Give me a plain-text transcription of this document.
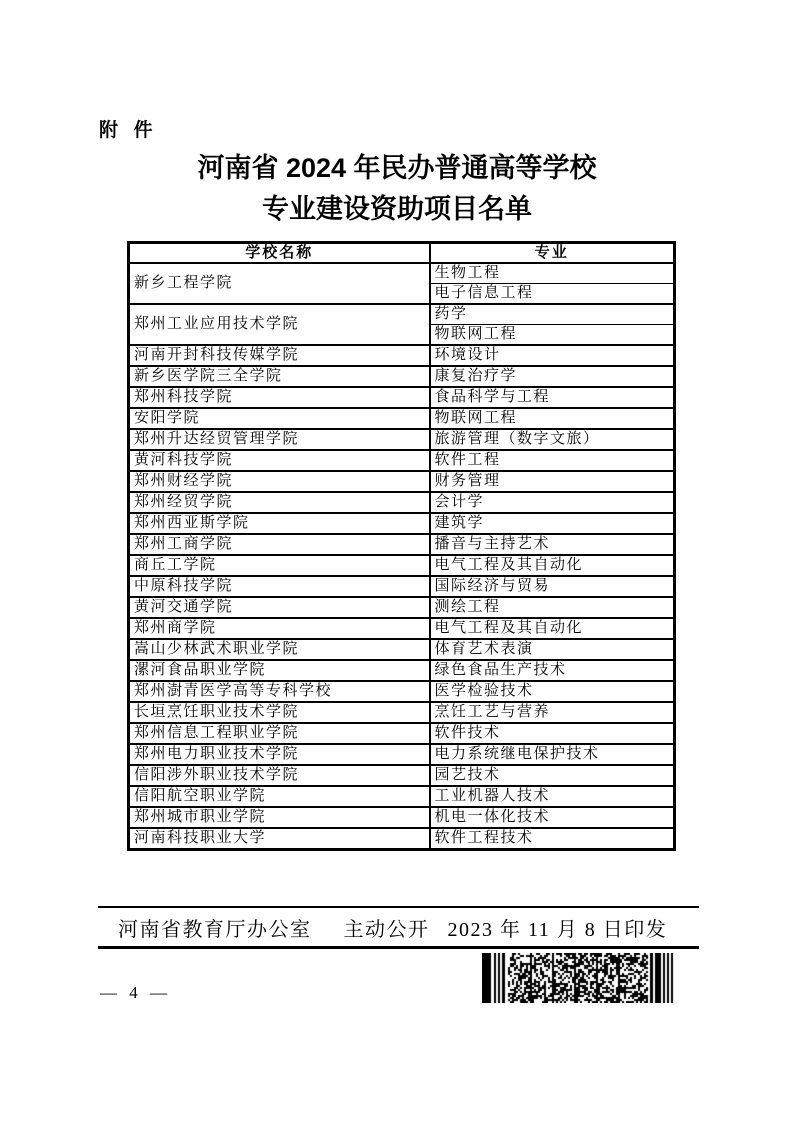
附  件
河南省 2024 年民办普通高等学校
专业建设资助项目名单
学校名称	专业
新乡工程学院	生物工程
	电子信息工程
郑州工业应用技术学院	药学
	物联网工程
河南开封科技传媒学院	环境设计
新乡医学院三全学院	康复治疗学
郑州科技学院	食品科学与工程
安阳学院	物联网工程
郑州升达经贸管理学院	旅游管理（数字文旅）
黄河科技学院	软件工程
郑州财经学院	财务管理
郑州经贸学院	会计学
郑州西亚斯学院	建筑学
郑州工商学院	播音与主持艺术
商丘工学院	电气工程及其自动化
中原科技学院	国际经济与贸易
黄河交通学院	测绘工程
郑州商学院	电气工程及其自动化
嵩山少林武术职业学院	体育艺术表演
漯河食品职业学院	绿色食品生产技术
郑州澍青医学高等专科学校	医学检验技术
长垣烹饪职业技术学院	烹饪工艺与营养
郑州信息工程职业学院	软件技术
郑州电力职业技术学院	电力系统继电保护技术
信阳涉外职业技术学院	园艺技术
信阳航空职业学院	工业机器人技术
郑州城市职业学院	机电一体化技术
河南科技职业大学	软件工程技术
河南省教育厅办公室 主动公开 2023 年 11 月 8 日印发
— 4 —
